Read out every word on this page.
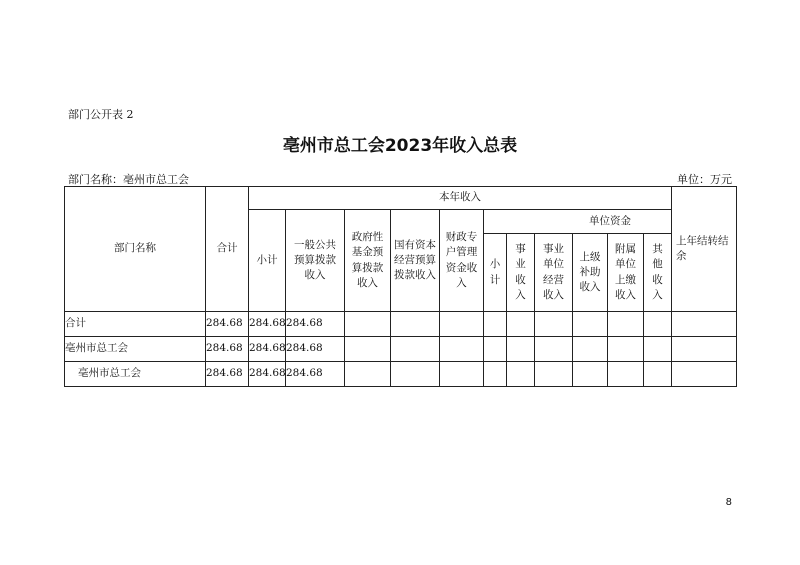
部门公开表 2
亳州市总工会2023年收入总表
部门名称：亳州市总工会	单位：万元
部门名称	合计	本年收入											上年结转结余
		小计	一般公共预算拨款收入	政府性基金预算拨款收入	国有资本经营预算拨款收入	财政专户管理资金收入	单位资金						
							小计	事业收入	事业单位经营收入	上级补助收入	附属单位上缴收入	其他收入	
合计	284.68	284.68	284.68										
亳州市总工会	284.68	284.68	284.68										
亳州市总工会	284.68	284.68	284.68										
8
